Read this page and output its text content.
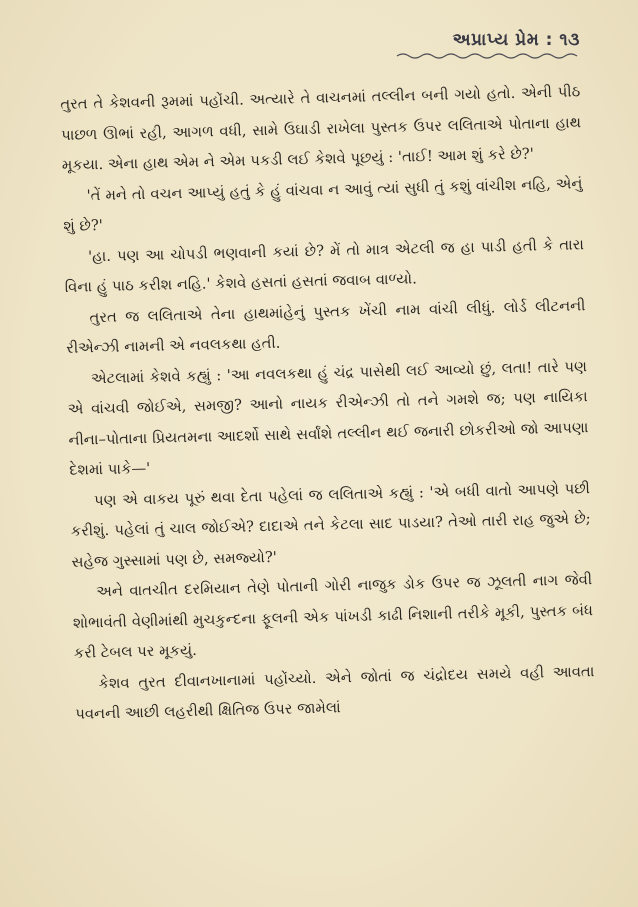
અપ્રાપ્ય પ્રેમ : ૧૩

તુરત તે કેશવની રૂમમાં પહોંચી. અત્યારે તે વાચનમાં તલ્લીન બની ગયો હતો. એની પીઠ પાછળ ઊભાં રહી, આગળ વધી, સામે ઉઘાડી રાખેલા પુસ્તક ઉપર લલિતાએ પોતાના હાથ મૂકયા. એના હાથ એમ ને એમ પકડી લઈ કેશવે પૂછયું : 'તાઈ! આમ શું કરે છે?'

'તેં મને તો વચન આપ્યું હતું કે હું વાંચવા ન આવું ત્યાં સુધી તું કશું વાંચીશ નહિ, એનું શું છે?'

'હા. પણ આ ચોપડી ભણવાની કયાં છે? મેં તો માત્ર એટલી જ હા પાડી હતી કે તારા વિના હું પાઠ કરીશ નહિ.' કેશવે હસતાં હસતાં જવાબ વાળ્યો.

તુરત જ લલિતાએ તેના હાથમાંહેનું પુસ્તક ખેંચી નામ વાંચી લીધું. લોર્ડ લીટનની રીએન્ઝી નામની એ નવલકથા હતી.

એટલામાં કેશવે કહ્યું : 'આ નવલકથા હું ચંદ્ર પાસેથી લઈ આવ્યો છું, લતા! તારે પણ એ વાંચવી જોઈએ, સમજી? આનો નાયક રીએન્ઝી તો તને ગમશે જ; પણ નાયિકા નીના–પોતાના પ્રિયતમના આદર્શો સાથે સર્વાંશે તલ્લીન થઈ જનારી છોકરીઓ જો આપણા દેશમાં પાકે—'

પણ એ વાકય પૂરું થવા દેતા પહેલાં જ લલિતાએ કહ્યું : 'એ બધી વાતો આપણે પછી કરીશું. પહેલાં તું ચાલ જોઈએ? દાદાએ તને કેટલા સાદ પાડયા? તેઓ તારી રાહ જુએ છે; સહેજ ગુસ્સામાં પણ છે, સમજ્યો?'

અને વાતચીત દરમિયાન તેણે પોતાની ગોરી નાજુક ડોક ઉપર જ ઝૂલતી નાગ જેવી શોભાવંતી વેણીમાંથી મુચકુન્દના ફૂલની એક પાંખડી કાઢી નિશાની તરીકે મૂકી, પુસ્તક બંધ કરી ટેબલ પર મૂકયું.

કેશવ તુરત દીવાનખાનામાં પહોંચ્યો. એને જોતાં જ ચંદ્રોદય સમયે વહી આવતા પવનની આછી લહરીથી ક્ષિતિજ ઉપર જામેલાં
